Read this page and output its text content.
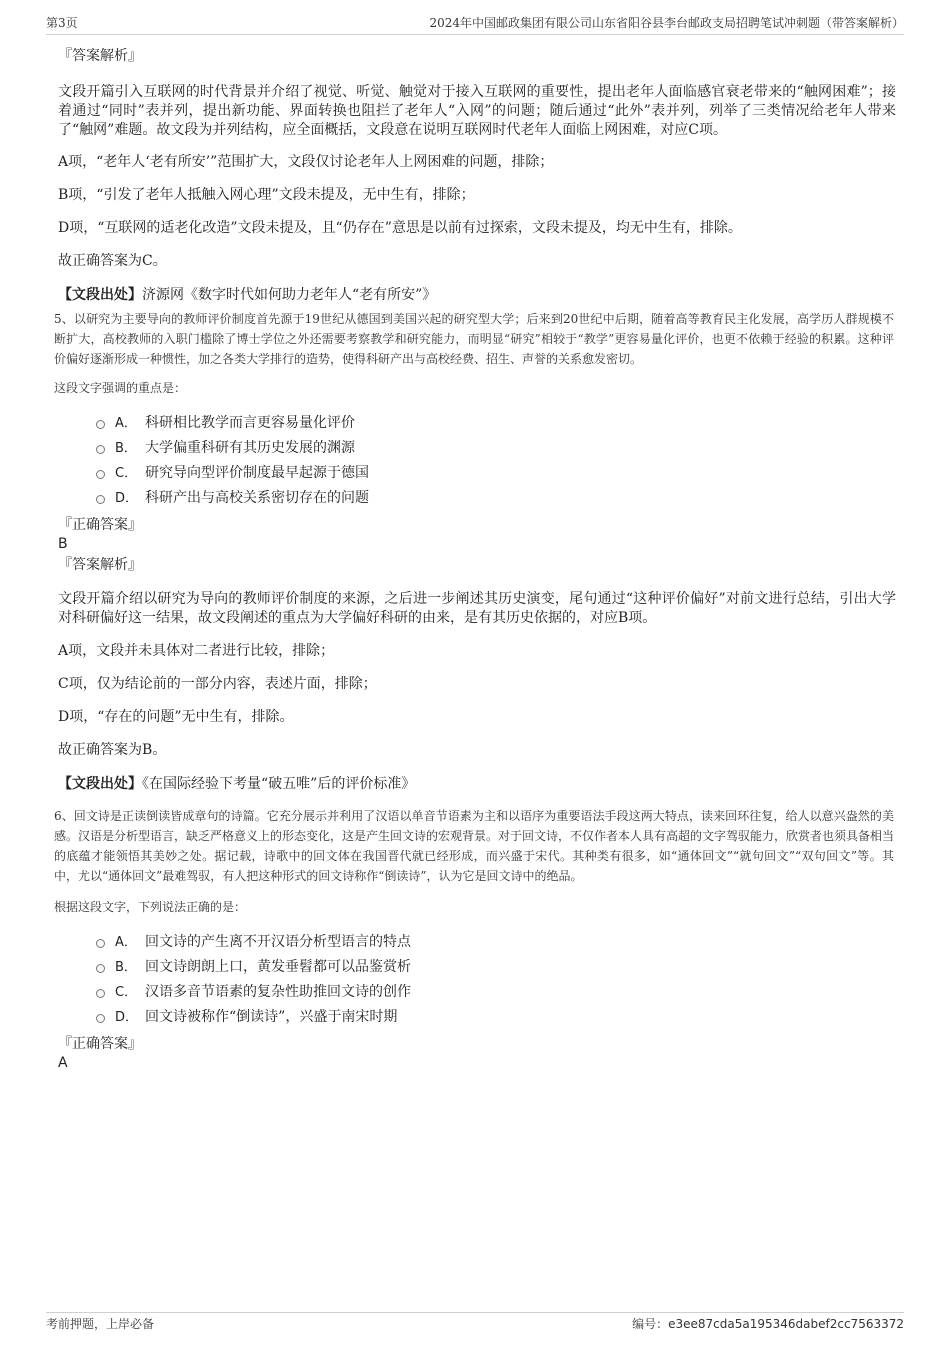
第3页	2024年中国邮政集团有限公司山东省阳谷县李台邮政支局招聘笔试冲刺题（带答案解析）
『答案解析』
文段开篇引入互联网的时代背景并介绍了视觉、听觉、触觉对于接入互联网的重要性，提出老年人面临感官衰老带来的“触网困难”；接着通过“同时”表并列，提出新功能、界面转换也阻拦了老年人“入网”的问题；随后通过“此外”表并列，列举了三类情况给老年人带来了“触网”难题。故文段为并列结构，应全面概括，文段意在说明互联网时代老年人面临上网困难，对应C项。
A项，“老年人‘老有所安’”范围扩大，文段仅讨论老年人上网困难的问题，排除；
B项，“引发了老年人抵触入网心理”文段未提及，无中生有，排除；
D项，“互联网的适老化改造”文段未提及，且“仍存在”意思是以前有过探索，文段未提及，均无中生有，排除。
故正确答案为C。
【文段出处】济源网《数字时代如何助力老年人“老有所安”》
5、以研究为主要导向的教师评价制度首先源于19世纪从德国到美国兴起的研究型大学；后来到20世纪中后期，随着高等教育民主化发展，高学历人群规模不断扩大，高校教师的入职门槛除了博士学位之外还需要考察教学和研究能力，而明显“研究”相较于“教学”更容易量化评价，也更不依赖于经验的积累。这种评价偏好逐渐形成一种惯性，加之各类大学排行的造势，使得科研产出与高校经费、招生、声誉的关系愈发密切。
这段文字强调的重点是：
A． 科研相比教学而言更容易量化评价
B． 大学偏重科研有其历史发展的渊源
C． 研究导向型评价制度最早起源于德国
D． 科研产出与高校关系密切存在的问题
『正确答案』
B
『答案解析』
文段开篇介绍以研究为导向的教师评价制度的来源，之后进一步阐述其历史演变，尾句通过“这种评价偏好”对前文进行总结，引出大学对科研偏好这一结果，故文段阐述的重点为大学偏好科研的由来，是有其历史依据的，对应B项。
A项，文段并未具体对二者进行比较，排除；
C项，仅为结论前的一部分内容，表述片面，排除；
D项，“存在的问题”无中生有，排除。
故正确答案为B。
【文段出处】《在国际经验下考量“破五唯”后的评价标准》
6、回文诗是正读倒读皆成章句的诗篇。它充分展示并利用了汉语以单音节语素为主和以语序为重要语法手段这两大特点，读来回环往复，给人以意兴盎然的美感。汉语是分析型语言，缺乏严格意义上的形态变化，这是产生回文诗的宏观背景。对于回文诗，不仅作者本人具有高超的文字驾驭能力，欣赏者也须具备相当的底蕴才能领悟其美妙之处。据记载，诗歌中的回文体在我国晋代就已经形成，而兴盛于宋代。其种类有很多，如“通体回文”“就句回文”“双句回文”等。其中，尤以“通体回文”最难驾驭，有人把这种形式的回文诗称作“倒读诗”，认为它是回文诗中的绝品。
根据这段文字，下列说法正确的是：
A． 回文诗的产生离不开汉语分析型语言的特点
B． 回文诗朗朗上口，黄发垂髫都可以品鉴赏析
C． 汉语多音节语素的复杂性助推回文诗的创作
D． 回文诗被称作“倒读诗”，兴盛于南宋时期
『正确答案』
A
考前押题，上岸必备	编号：e3ee87cda5a195346dabef2cc7563372
